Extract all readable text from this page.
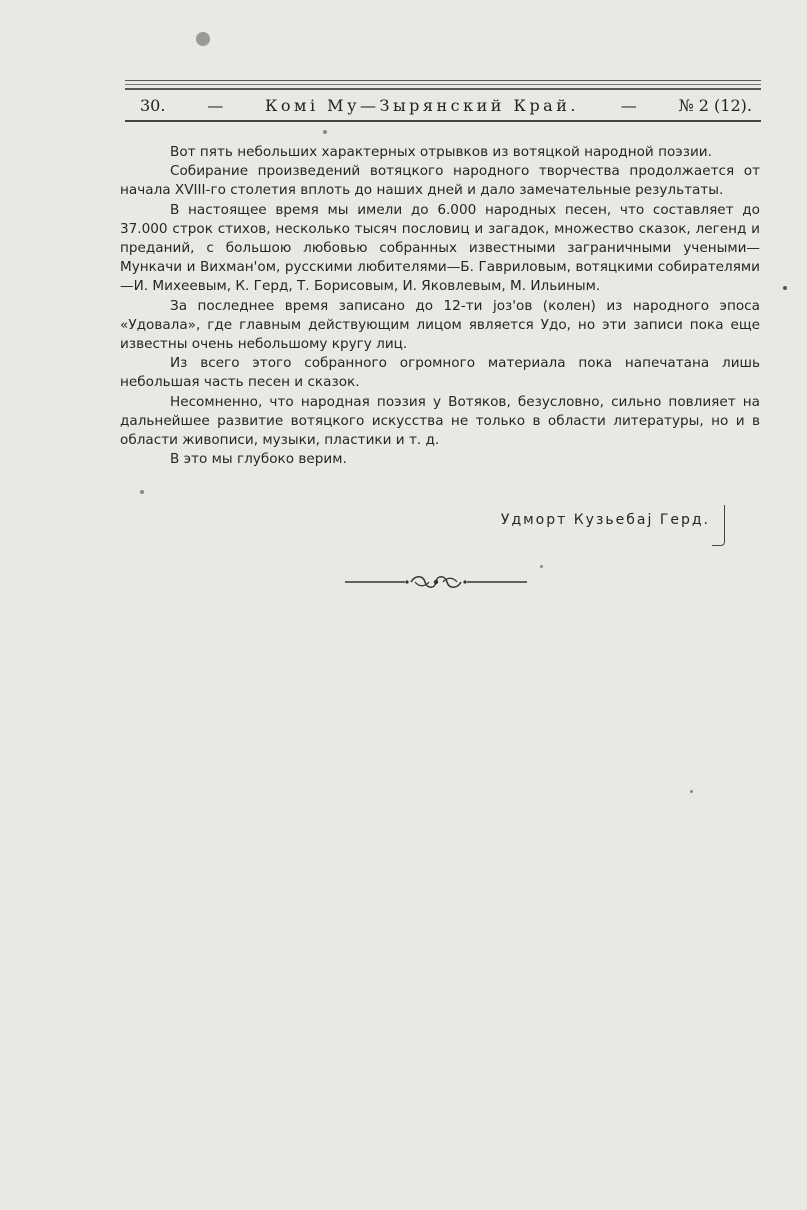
30.	—	Комі Му—Зырянский Край.	—	№ 2 (12).

Вот пять небольших характерных отрывков из вотяцкой народной поэзии.

Собирание произведений вотяцкого народного творчества продолжается от начала XVIII-го столетия вплоть до наших дней и дало замечательные результаты.

В настоящее время мы имели до 6.000 народных песен, что составляет до 37.000 строк стихов, несколько тысяч пословиц и загадок, множество сказок, легенд и преданий, с большою любовью собранных известными заграничными учеными—Мункачи и Вихман'ом, русскими любителями—Б. Гавриловым, вотяцкими собирателями—И. Михеевым, К. Герд, Т. Борисовым, И. Яковлевым, М. Ильиным.

За последнее время записано до 12-ти joз'ов (колен) из народного эпоса «Удовала», где главным действующим лицом является Удо, но эти записи пока еще известны очень небольшому кругу лиц.

Из всего этого собранного огромного материала пока напечатана лишь небольшая часть песен и сказок.

Несомненно, что народная поэзия у Вотяков, безусловно, сильно повлияет на дальнейшее развитие вотяцкого искусства не только в области литературы, но и в области живописи, музыки, пластики и т. д.

В это мы глубоко верим.

Удморт Кузьебај Герд.
